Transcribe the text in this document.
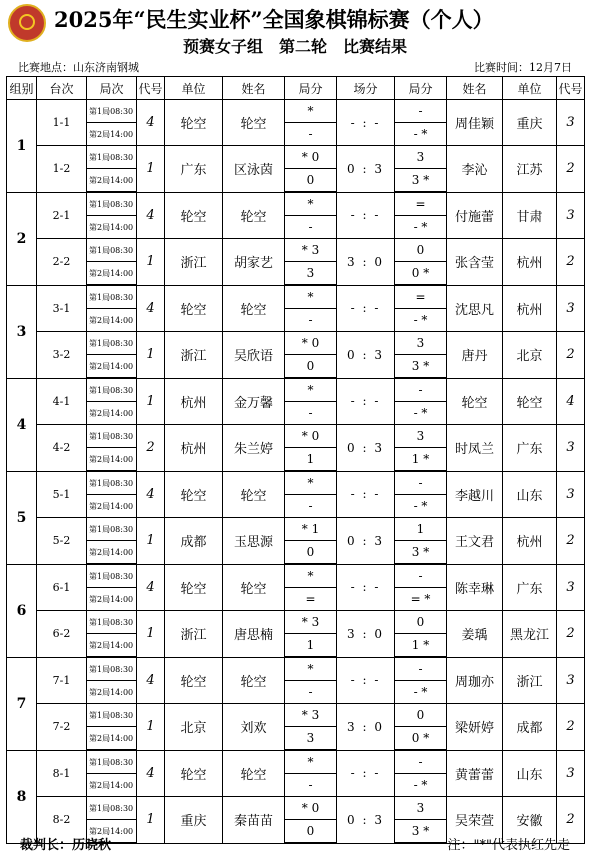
2025年“民生实业杯”全国象棋锦标赛（个人）
预赛女子组　第二轮　比赛结果
比赛地点：山东济南钢城	比赛时间：12月7日
组别	台次	局次	代号	单位	姓名	局分	场分	局分	姓名	单位	代号
1	1-1	第1局08:30	4	轮空	轮空	*	- : -	-	周佳颖	重庆	3
		第2局14:00				-		- *			
	1-2	第1局08:30	1	广东	区泳茵	* 0	0 : 3	3	李沁	江苏	2
		第2局14:00				0		3 *			
2	2-1	第1局08:30	4	轮空	轮空	*	- : -	=	付施蕾	甘肃	3
		第2局14:00				-		- *			
	2-2	第1局08:30	1	浙江	胡家艺	* 3	3 : 0	0	张含莹	杭州	2
		第2局14:00				3		0 *			
3	3-1	第1局08:30	4	轮空	轮空	*	- : -	=	沈思凡	杭州	3
		第2局14:00				-		- *			
	3-2	第1局08:30	1	浙江	吴欣语	* 0	0 : 3	3	唐丹	北京	2
		第2局14:00				0		3 *			
4	4-1	第1局08:30	1	杭州	金万馨	*	- : -	-	轮空	轮空	4
		第2局14:00				-		- *			
	4-2	第1局08:30	2	杭州	朱兰婷	* 0	0 : 3	3	时凤兰	广东	3
		第2局14:00				1		1 *			
5	5-1	第1局08:30	4	轮空	轮空	*	- : -	-	李越川	山东	3
		第2局14:00				-		- *			
	5-2	第1局08:30	1	成都	玉思源	* 1	0 : 3	1	王文君	杭州	2
		第2局14:00				0		3 *			
6	6-1	第1局08:30	4	轮空	轮空	*	- : -	-	陈幸琳	广东	3
		第2局14:00				=		= *			
	6-2	第1局08:30	1	浙江	唐思楠	* 3	3 : 0	0	姜瑀	黑龙江	2
		第2局14:00				1		1 *			
7	7-1	第1局08:30	4	轮空	轮空	*	- : -	-	周珈亦	浙江	3
		第2局14:00				-		- *			
	7-2	第1局08:30	1	北京	刘欢	* 3	3 : 0	0	梁妍婷	成都	2
		第2局14:00				3		0 *			
8	8-1	第1局08:30	4	轮空	轮空	*	- : -	-	黄蕾蕾	山东	3
		第2局14:00				-		- *			
	8-2	第1局08:30	1	重庆	秦苗苗	* 0	0 : 3	3	吴荣萱	安徽	2
		第2局14:00				0		3 *			
裁判长：历晓秋	注："*"代表执红先走
